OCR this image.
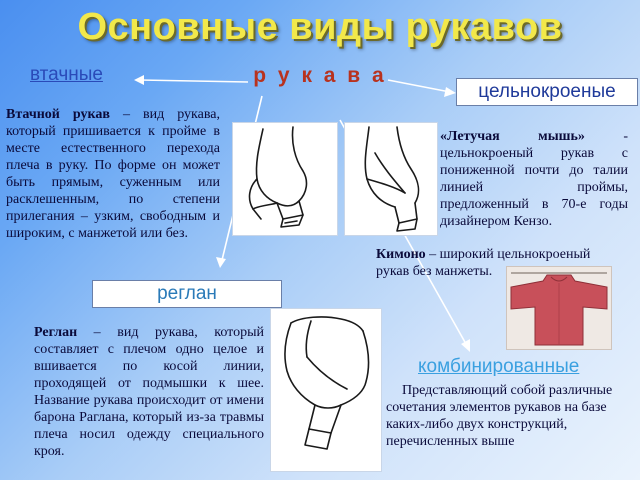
Основные виды рукавов
р у к а в а
втачные
цельнокроеные
реглан
комбинированные
Втачной рукав – вид рукава, который пришивается к пройме в месте естественного перехода плеча в руку. По форме он может быть прямым, суженным или расклешенным, по степени прилегания – узким, свободным и широким, с манжетой или без.
«Летучая мышь» - цельнокроеный рукав с пониженной почти до талии линией проймы, предложенный в 70-е годы дизайнером Кензо.
Кимоно – широкий цельнокроеный рукав без манжеты.
Реглан – вид рукава, который составляет с плечом одно целое и вшивается по косой линии, проходящей от подмышки к шее. Название рукава происходит от имени барона Раглана, который из-за травмы плеча носил одежду специального кроя.
Представляющий собой различные сочетания элементов рукавов на базе каких-либо двух конструкций, перечисленных выше
